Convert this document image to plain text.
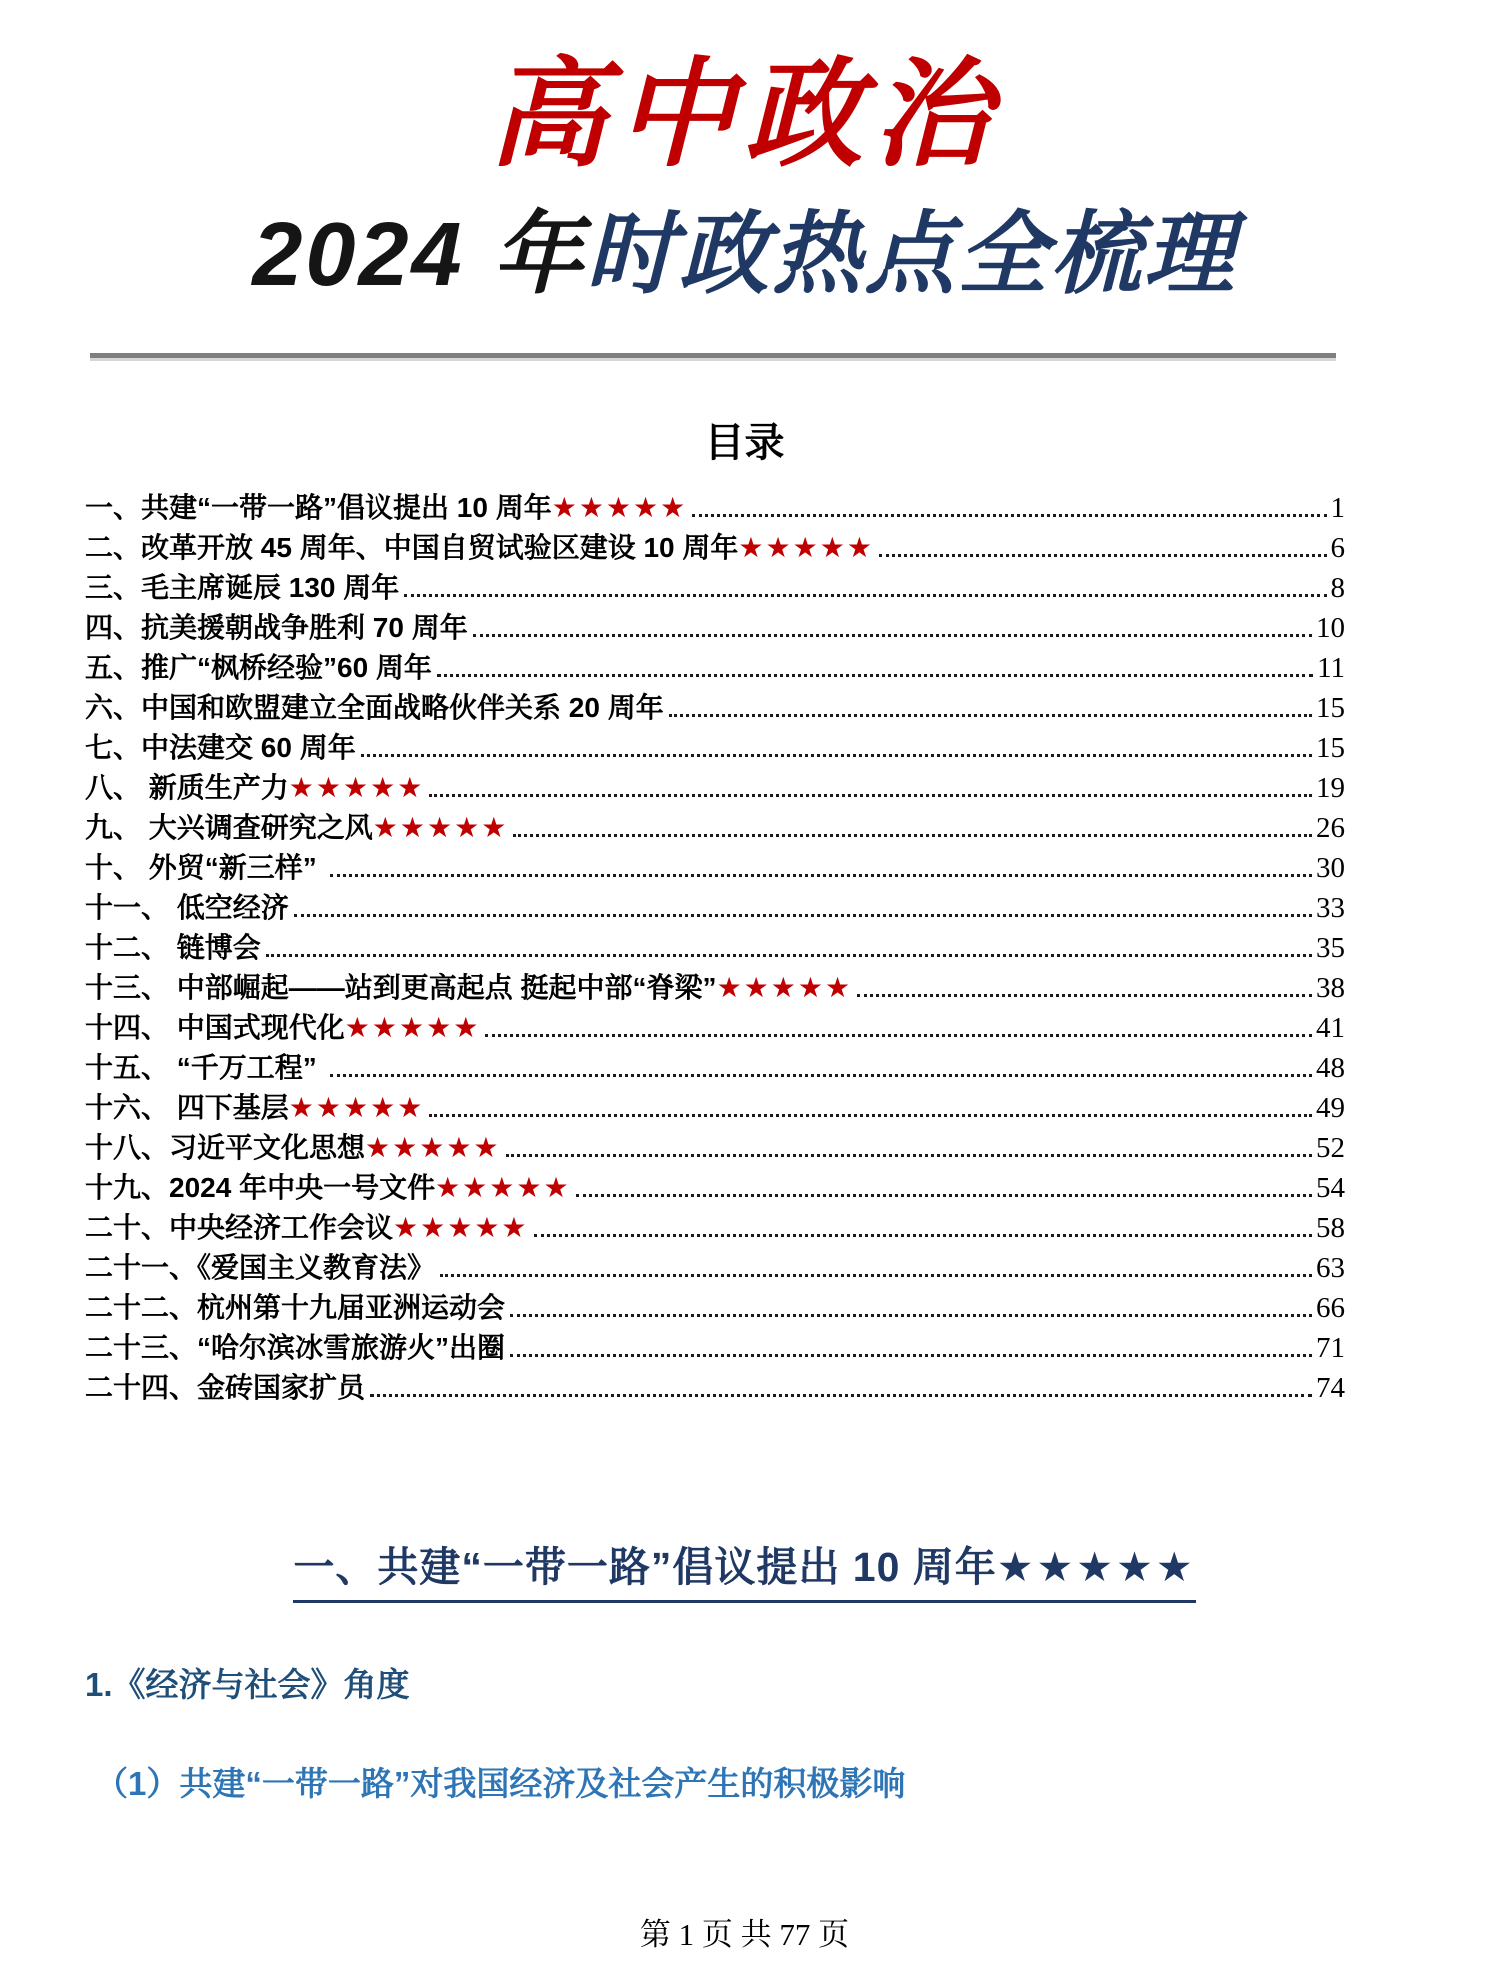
高中政治
2024 年时政热点全梳理
目录
一、共建“一带一路”倡议提出 10 周年★★★★★	1
二、改革开放 45 周年、中国自贸试验区建设 10 周年★★★★★	6
三、毛主席诞辰 130 周年	8
四、抗美援朝战争胜利 70 周年	10
五、推广“枫桥经验”60 周年	11
六、中国和欧盟建立全面战略伙伴关系 20 周年	15
七、中法建交 60 周年	15
八、 新质生产力★★★★★	19
九、 大兴调查研究之风★★★★★	26
十、 外贸“新三样”	30
十一、 低空经济	33
十二、 链博会	35
十三、 中部崛起——站到更高起点 挺起中部“脊梁”★★★★★	38
十四、 中国式现代化★★★★★	41
十五、 “千万工程”	48
十六、 四下基层★★★★★	49
十八、习近平文化思想★★★★★	52
十九、2024 年中央一号文件★★★★★	54
二十、中央经济工作会议★★★★★	58
二十一、《爱国主义教育法》	63
二十二、杭州第十九届亚洲运动会	66
二十三、“哈尔滨冰雪旅游火”出圈	71
二十四、金砖国家扩员	74
一、共建“一带一路”倡议提出 10 周年★★★★★
1.《经济与社会》角度
（1）共建“一带一路”对我国经济及社会产生的积极影响
第 1 页 共 77 页
